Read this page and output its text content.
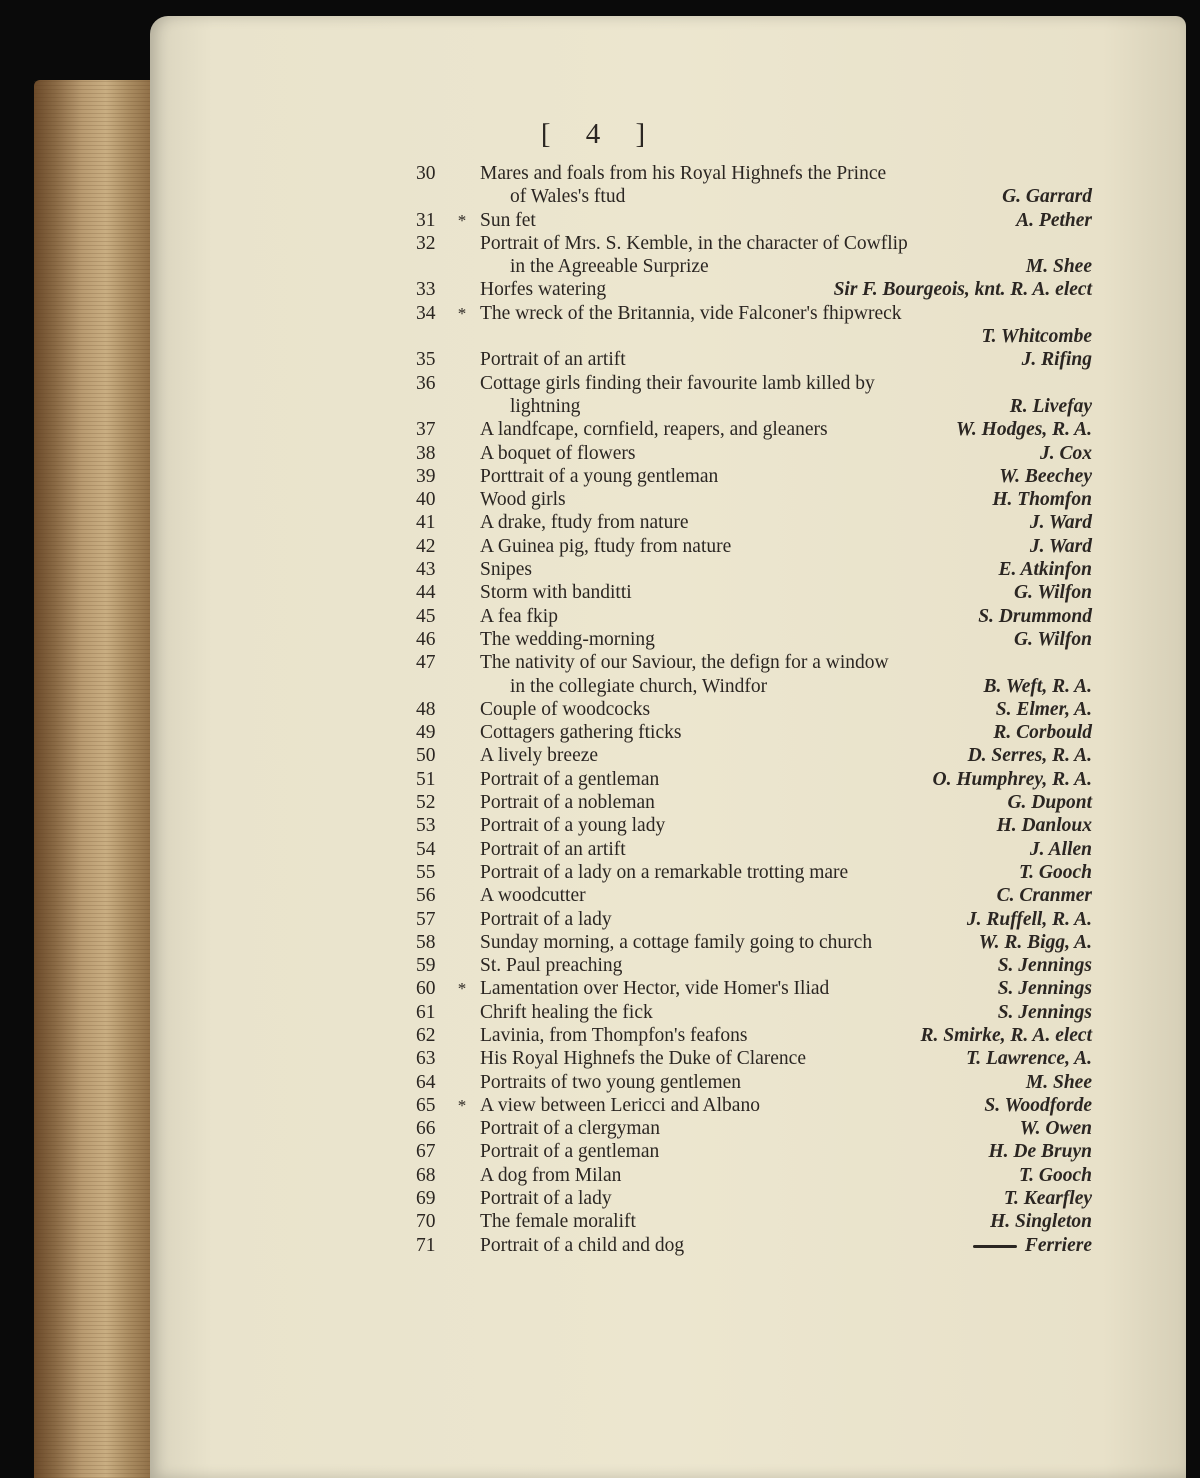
[ 4 ]
30	Mares and foals from his Royal Highnefs the Prince
of Wales's ftud	G. Garrard
31	* Sun fet	A. Pether
32	Portrait of Mrs. S. Kemble, in the character of Cowflip
in the Agreeable Surprize	M. Shee
33	Horfes watering	Sir F. Bourgeois, knt. R. A. elect
34	* The wreck of the Britannia, vide Falconer's fhipwreck
T. Whitcombe
35	Portrait of an artift	J. Rifing
36	Cottage girls finding their favourite lamb killed by
lightning	R. Livefay
37	A landfcape, cornfield, reapers, and gleaners	W. Hodges, R. A.
38	A boquet of flowers	J. Cox
39	Porttrait of a young gentleman	W. Beechey
40	Wood girls	H. Thomfon
41	A drake, ftudy from nature	J. Ward
42	A Guinea pig, ftudy from nature	J. Ward
43	Snipes	E. Atkinfon
44	Storm with banditti	G. Wilfon
45	A fea fkip	S. Drummond
46	The wedding-morning	G. Wilfon
47	The nativity of our Saviour, the defign for a window
in the collegiate church, Windfor	B. Weft, R. A.
48	Couple of woodcocks	S. Elmer, A.
49	Cottagers gathering fticks	R. Corbould
50	A lively breeze	D. Serres, R. A.
51	Portrait of a gentleman	O. Humphrey, R. A.
52	Portrait of a nobleman	G. Dupont
53	Portrait of a young lady	H. Danloux
54	Portrait of an artift	J. Allen
55	Portrait of a lady on a remarkable trotting mare	T. Gooch
56	A woodcutter	C. Cranmer
57	Portrait of a lady	J. Ruffell, R. A.
58	Sunday morning, a cottage family going to church	W. R. Bigg, A.
59	St. Paul preaching	S. Jennings
60	* Lamentation over Hector, vide Homer's Iliad	S. Jennings
61	Chrift healing the fick	S. Jennings
62	Lavinia, from Thompfon's feafons	R. Smirke, R. A. elect
63	His Royal Highnefs the Duke of Clarence	T. Lawrence, A.
64	Portraits of two young gentlemen	M. Shee
65	* A view between Lericci and Albano	S. Woodforde
66	Portrait of a clergyman	W. Owen
67	Portrait of a gentleman	H. De Bruyn
68	A dog from Milan	T. Gooch
69	Portrait of a lady	T. Kearfley
70	The female moralift	H. Singleton
71	Portrait of a child and dog	Ferriere
